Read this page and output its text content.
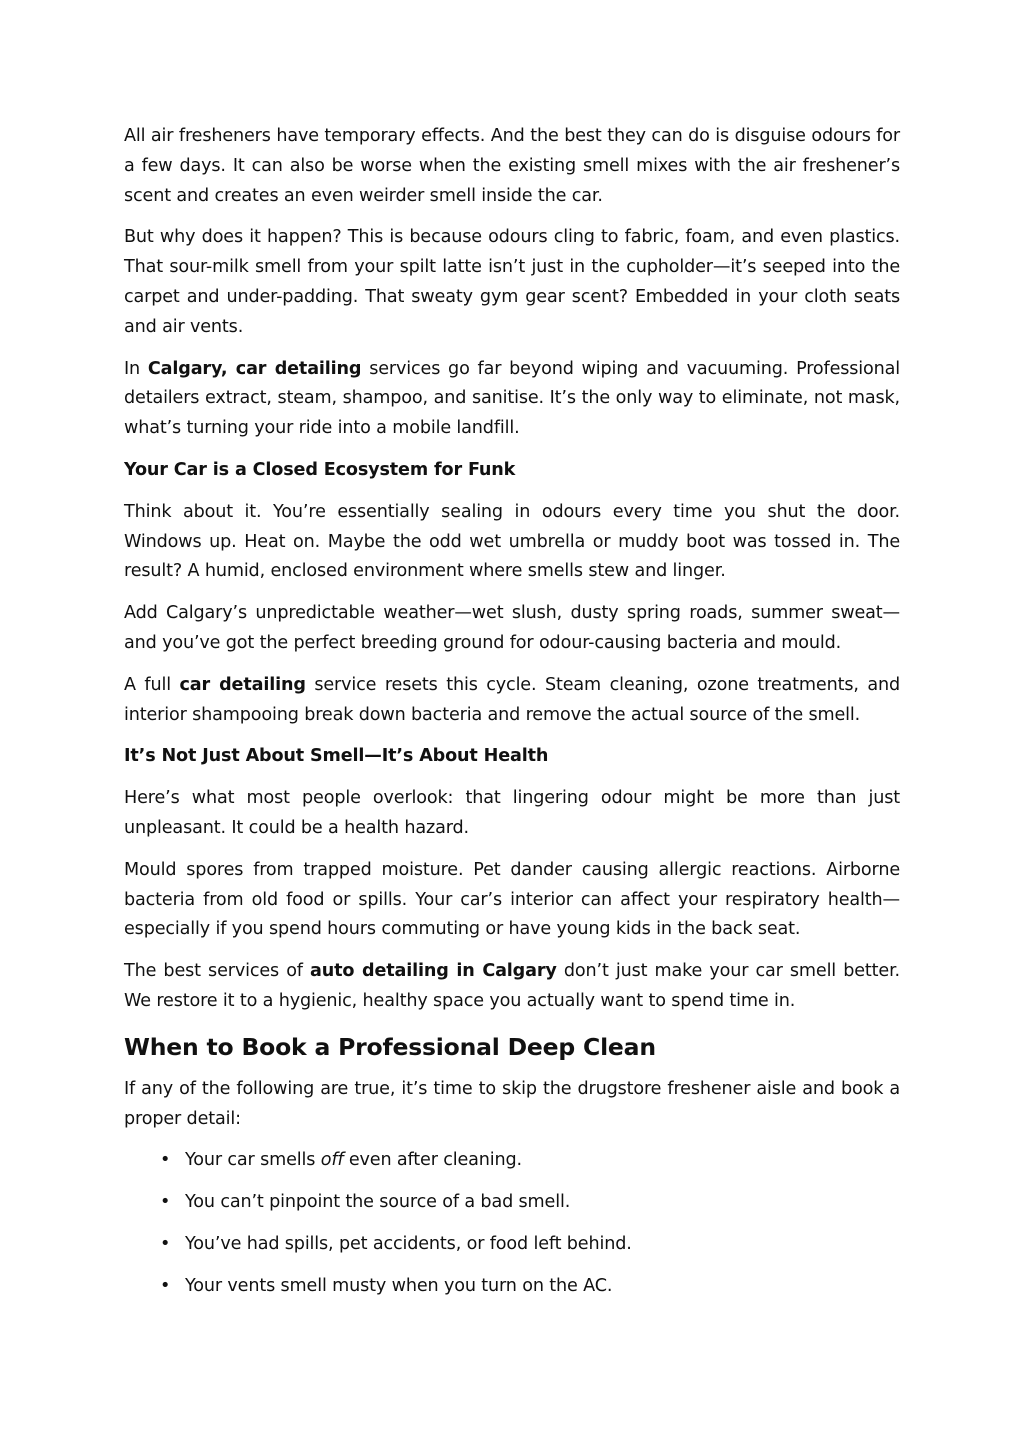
All air fresheners have temporary effects. And the best they can do is disguise odours for a few days. It can also be worse when the existing smell mixes with the air freshener’s scent and creates an even weirder smell inside the car.

But why does it happen? This is because odours cling to fabric, foam, and even plastics. That sour-milk smell from your spilt latte isn’t just in the cupholder—it’s seeped into the carpet and under-padding. That sweaty gym gear scent? Embedded in your cloth seats and air vents.

In Calgary, car detailing services go far beyond wiping and vacuuming. Professional detailers extract, steam, shampoo, and sanitise. It’s the only way to eliminate, not mask, what’s turning your ride into a mobile landfill.

Your Car is a Closed Ecosystem for Funk

Think about it. You’re essentially sealing in odours every time you shut the door. Windows up. Heat on. Maybe the odd wet umbrella or muddy boot was tossed in. The result? A humid, enclosed environment where smells stew and linger.

Add Calgary’s unpredictable weather—wet slush, dusty spring roads, summer sweat—and you’ve got the perfect breeding ground for odour-causing bacteria and mould.

A full car detailing service resets this cycle. Steam cleaning, ozone treatments, and interior shampooing break down bacteria and remove the actual source of the smell.

It’s Not Just About Smell—It’s About Health

Here’s what most people overlook: that lingering odour might be more than just unpleasant. It could be a health hazard.

Mould spores from trapped moisture. Pet dander causing allergic reactions. Airborne bacteria from old food or spills. Your car’s interior can affect your respiratory health—especially if you spend hours commuting or have young kids in the back seat.

The best services of auto detailing in Calgary don’t just make your car smell better. We restore it to a hygienic, healthy space you actually want to spend time in.

When to Book a Professional Deep Clean

If any of the following are true, it’s time to skip the drugstore freshener aisle and book a proper detail:

• Your car smells off even after cleaning.
• You can’t pinpoint the source of a bad smell.
• You’ve had spills, pet accidents, or food left behind.
• Your vents smell musty when you turn on the AC.
